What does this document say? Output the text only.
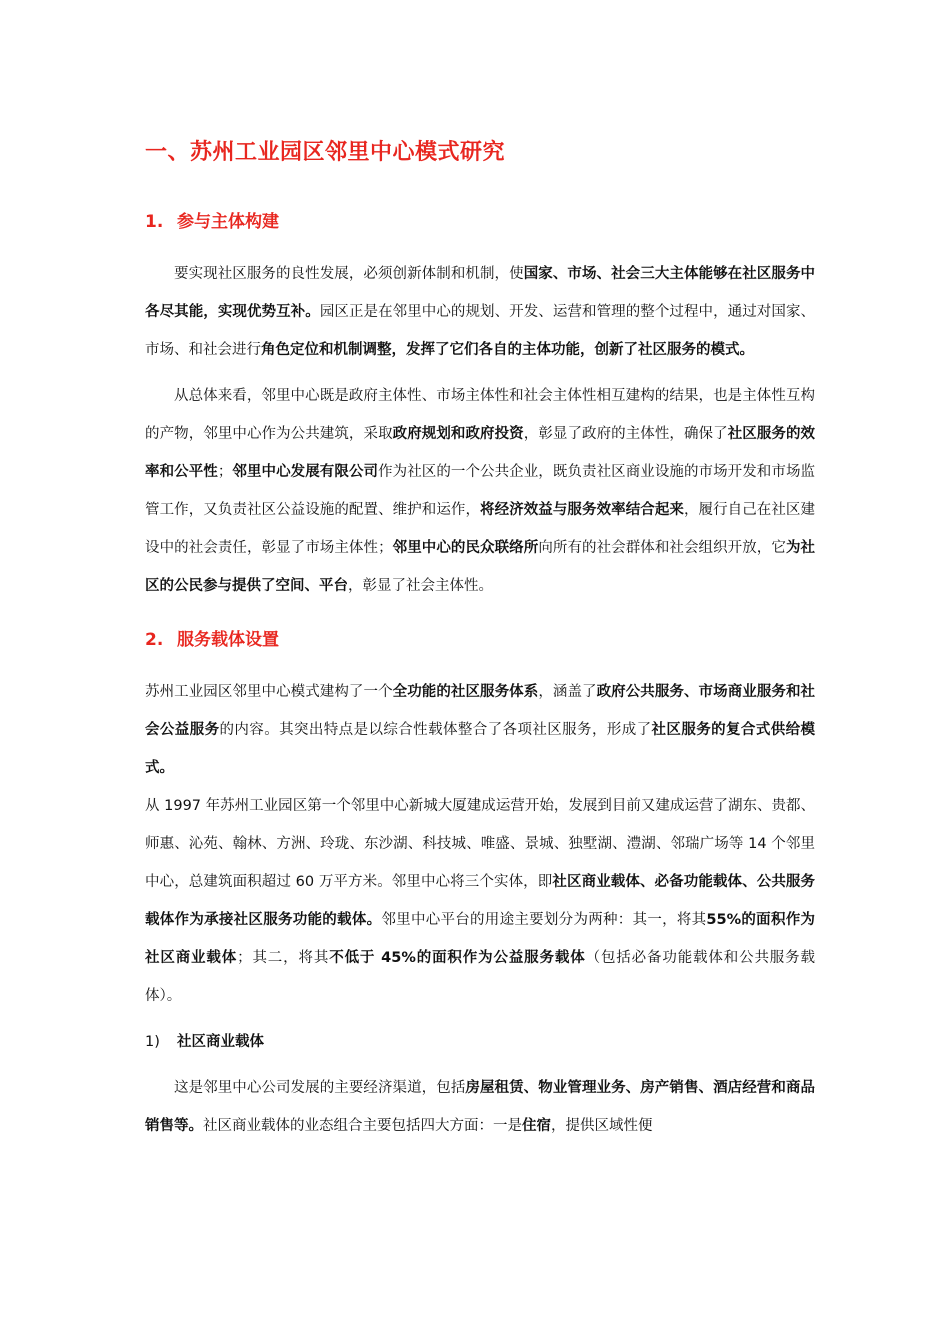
一、苏州工业园区邻里中心模式研究
1. 参与主体构建

要实现社区服务的良性发展，必须创新体制和机制，使国家、市场、社会三大主体能够在社区服务中各尽其能，实现优势互补。园区正是在邻里中心的规划、开发、运营和管理的整个过程中，通过对国家、市场、和社会进行角色定位和机制调整，发挥了它们各自的主体功能，创新了社区服务的模式。

从总体来看，邻里中心既是政府主体性、市场主体性和社会主体性相互建构的结果，也是主体性互构的产物，邻里中心作为公共建筑，采取政府规划和政府投资，彰显了政府的主体性，确保了社区服务的效率和公平性；邻里中心发展有限公司作为社区的一个公共企业，既负责社区商业设施的市场开发和市场监管工作，又负责社区公益设施的配置、维护和运作，将经济效益与服务效率结合起来，履行自己在社区建设中的社会责任，彰显了市场主体性；邻里中心的民众联络所向所有的社会群体和社会组织开放，它为社区的公民参与提供了空间、平台，彰显了社会主体性。

2. 服务载体设置

苏州工业园区邻里中心模式建构了一个全功能的社区服务体系，涵盖了政府公共服务、市场商业服务和社会公益服务的内容。其突出特点是以综合性载体整合了各项社区服务，形成了社区服务的复合式供给模式。

从 1997 年苏州工业园区第一个邻里中心新城大厦建成运营开始，发展到目前又建成运营了湖东、贵都、师惠、沁苑、翰林、方洲、玲珑、东沙湖、科技城、唯盛、景城、独墅湖、澧湖、邻瑞广场等 14 个邻里中心，总建筑面积超过 60 万平方米。邻里中心将三个实体，即社区商业载体、必备功能载体、公共服务载体作为承接社区服务功能的载体。邻里中心平台的用途主要划分为两种：其一，将其55%的面积作为社区商业载体；其二，将其不低于 45%的面积作为公益服务载体（包括必备功能载体和公共服务载体）。

1) 社区商业载体

这是邻里中心公司发展的主要经济渠道，包括房屋租赁、物业管理业务、房产销售、酒店经营和商品销售等。社区商业载体的业态组合主要包括四大方面：一是住宿，提供区域性便
